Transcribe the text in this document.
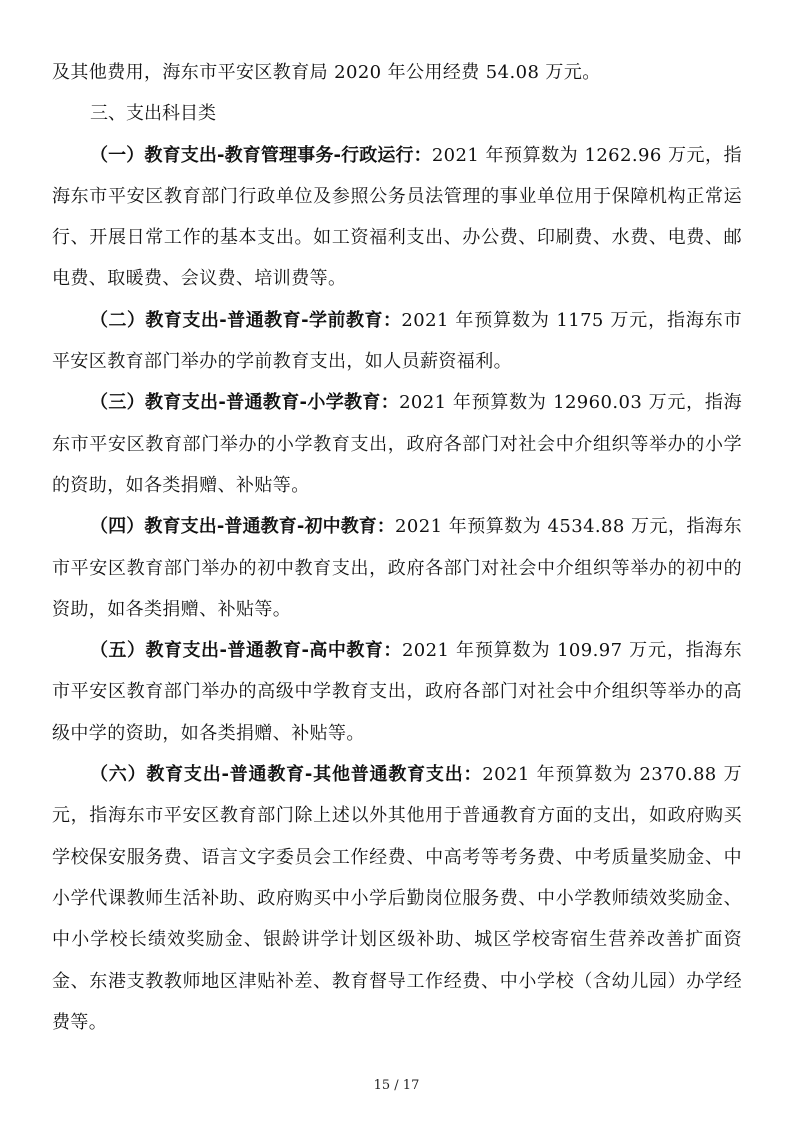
及其他费用，海东市平安区教育局 2020 年公用经费 54.08 万元。

三、支出科目类

（一）教育支出-教育管理事务-行政运行：2021 年预算数为 1262.96 万元，指海东市平安区教育部门行政单位及参照公务员法管理的事业单位用于保障机构正常运行、开展日常工作的基本支出。如工资福利支出、办公费、印刷费、水费、电费、邮电费、取暖费、会议费、培训费等。

（二）教育支出-普通教育-学前教育：2021 年预算数为 1175 万元，指海东市平安区教育部门举办的学前教育支出，如人员薪资福利。

（三）教育支出-普通教育-小学教育：2021 年预算数为 12960.03 万元，指海东市平安区教育部门举办的小学教育支出，政府各部门对社会中介组织等举办的小学的资助，如各类捐赠、补贴等。

（四）教育支出-普通教育-初中教育：2021 年预算数为 4534.88 万元，指海东市平安区教育部门举办的初中教育支出，政府各部门对社会中介组织等举办的初中的资助，如各类捐赠、补贴等。

（五）教育支出-普通教育-高中教育：2021 年预算数为 109.97 万元，指海东市平安区教育部门举办的高级中学教育支出，政府各部门对社会中介组织等举办的高级中学的资助，如各类捐赠、补贴等。

（六）教育支出-普通教育-其他普通教育支出：2021 年预算数为 2370.88 万元，指海东市平安区教育部门除上述以外其他用于普通教育方面的支出，如政府购买学校保安服务费、语言文字委员会工作经费、中高考等考务费、中考质量奖励金、中小学代课教师生活补助、政府购买中小学后勤岗位服务费、中小学教师绩效奖励金、中小学校长绩效奖励金、银龄讲学计划区级补助、城区学校寄宿生营养改善扩面资金、东港支教教师地区津贴补差、教育督导工作经费、中小学校（含幼儿园）办学经费等。

15 / 17
